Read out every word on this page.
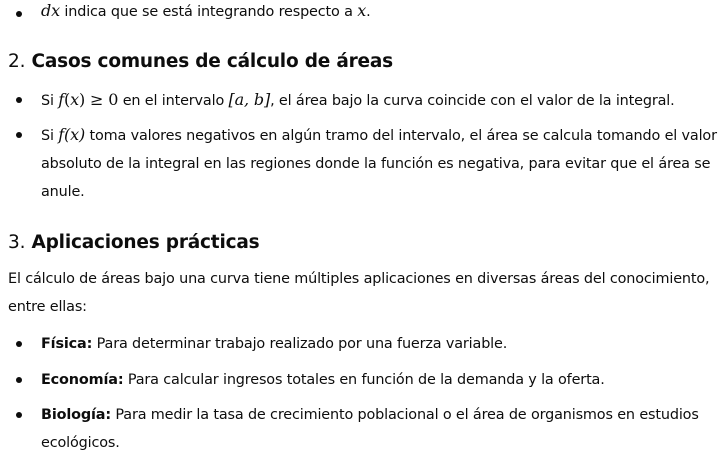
dx indica que se está integrando respecto a x.
2. Casos comunes de cálculo de áreas
Si f(x) ≥ 0 en el intervalo [a, b], el área bajo la curva coincide con el valor de la integral.
Si f(x) toma valores negativos en algún tramo del intervalo, el área se calcula tomando el valor
absoluto de la integral en las regiones donde la función es negativa, para evitar que el área se
anule.
3. Aplicaciones prácticas
El cálculo de áreas bajo una curva tiene múltiples aplicaciones en diversas áreas del conocimiento,
entre ellas:
Física: Para determinar trabajo realizado por una fuerza variable.
Economía: Para calcular ingresos totales en función de la demanda y la oferta.
Biología: Para medir la tasa de crecimiento poblacional o el área de organismos en estudios
ecológicos.
